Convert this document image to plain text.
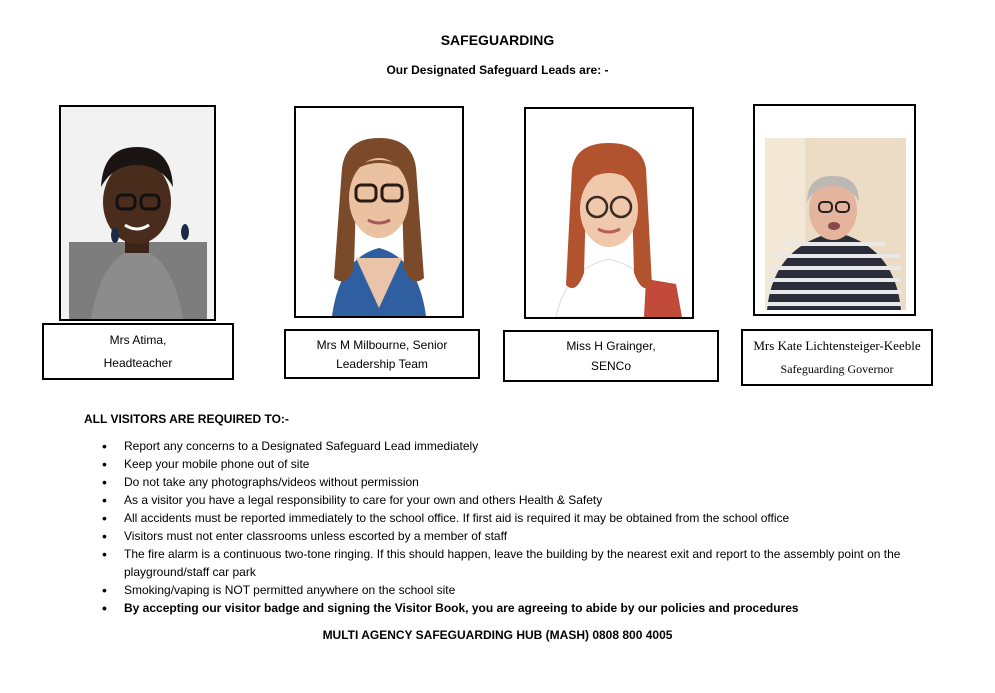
SAFEGUARDING
Our Designated Safeguard Leads are: -
Mrs Atima,
Headteacher
Mrs M Milbourne, Senior
Leadership Team
Miss H Grainger,
SENCo
Mrs Kate Lichtensteiger-Keeble
Safeguarding Governor
ALL VISITORS ARE REQUIRED TO:-
• Report any concerns to a Designated Safeguard Lead immediately
• Keep your mobile phone out of site
• Do not take any photographs/videos without permission
• As a visitor you have a legal responsibility to care for your own and others Health & Safety
• All accidents must be reported immediately to the school office. If first aid is required it may be obtained from the school office
• Visitors must not enter classrooms unless escorted by a member of staff
• The fire alarm is a continuous two-tone ringing. If this should happen, leave the building by the nearest exit and report to the assembly point on the playground/staff car park
• Smoking/vaping is NOT permitted anywhere on the school site
• By accepting our visitor badge and signing the Visitor Book, you are agreeing to abide by our policies and procedures
MULTI AGENCY SAFEGUARDING HUB (MASH) 0808 800 4005
